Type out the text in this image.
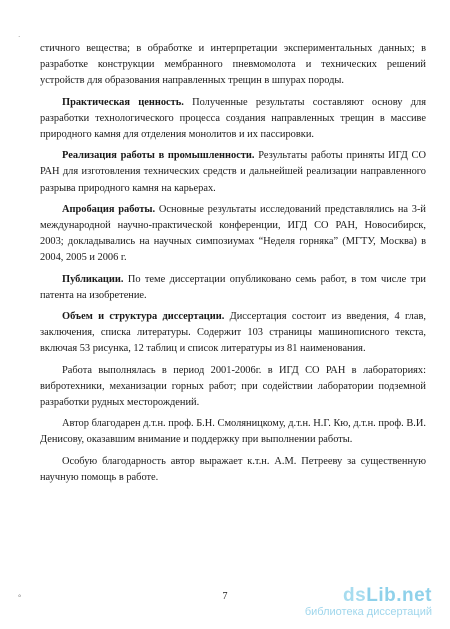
·

стичного вещества; в обработке и интерпретации экспериментальных данных; в разработке конструкции мембранного пневмомолота и технических решений устройств для образования направленных трещин в шпурах породы.

Практическая ценность. Полученные результаты составляют основу для разработки технологического процесса создания направленных трещин в массиве природного камня для отделения монолитов и их пассировки.

Реализация работы в промышленности. Результаты работы приняты ИГД СО РАН для изготовления технических средств и дальнейшей реализации направленного разрыва природного камня на карьерах.

Апробация работы. Основные результаты исследований представлялись на 3-й международной научно-практической конференции, ИГД СО РАН, Новосибирск, 2003; докладывались на научных симпозиумах “Неделя горняка” (МГТУ, Москва) в 2004, 2005 и 2006 г.

Публикации. По теме диссертации опубликовано семь работ, в том числе три патента на изобретение.

Объем и структура диссертации. Диссертация состоит из введения, 4 глав, заключения, списка литературы. Содержит 103 страницы машинописного текста, включая 53 рисунка, 12 таблиц и список литературы из 81 наименования.

Работа выполнялась в период 2001-2006г. в ИГД СО РАН в лабораториях: вибротехники, механизации горных работ; при содействии лаборатории подземной разработки рудных месторождений.

Автор благодарен д.т.н. проф. Б.Н. Смоляницкому, д.т.н. Н.Г. Кю, д.т.н. проф. В.И. Денисову, оказавшим внимание и поддержку при выполнении работы.

Особую благодарность автор выражает к.т.н. А.М. Петрееву за существенную научную помощь в работе.

°	7	dsLib.net
библиотека диссертаций
